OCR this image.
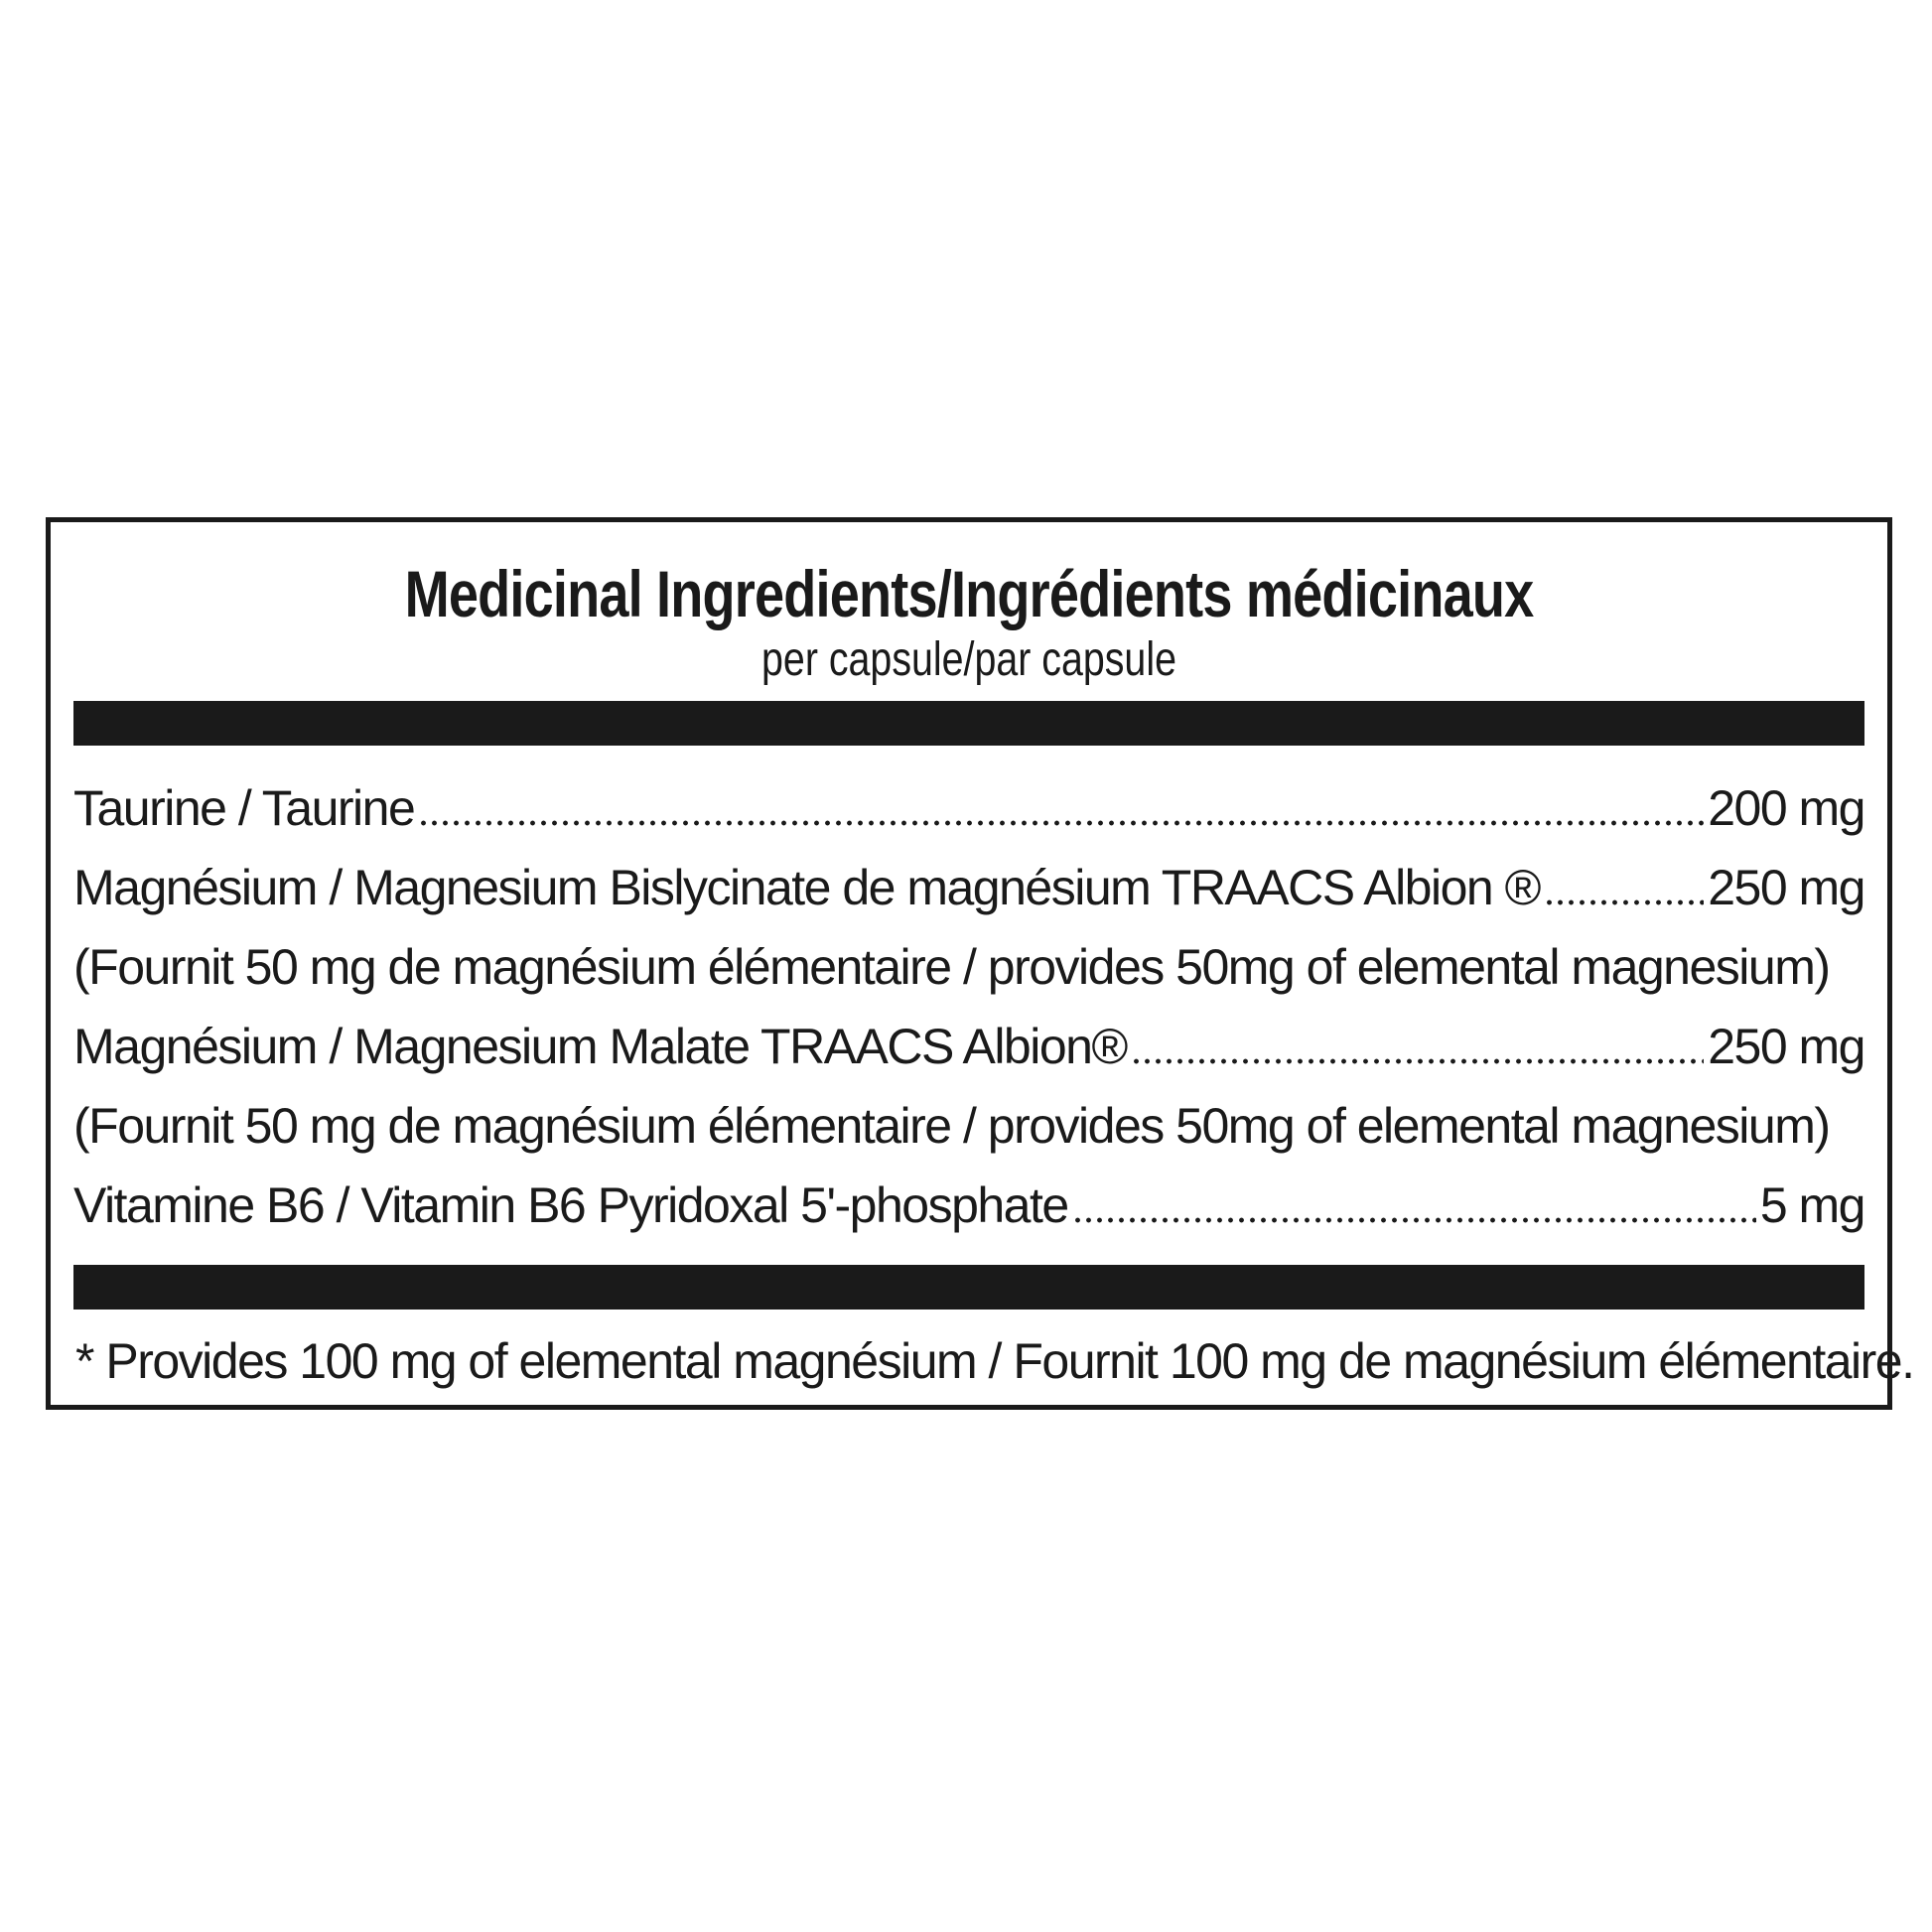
Medicinal Ingredients/Ingrédients médicinaux
per capsule/par capsule
Taurine / Taurine	200 mg
Magnésium / Magnesium Bislycinate de magnésium TRAACS Albion ®	250 mg
(Fournit 50 mg de magnésium élémentaire / provides 50mg of elemental magnesium)
Magnésium / Magnesium Malate TRAACS Albion®	250 mg
(Fournit 50 mg de magnésium élémentaire / provides 50mg of elemental magnesium)
Vitamine B6 / Vitamin B6 Pyridoxal 5'-phosphate	5 mg
* Provides 100 mg of elemental magnésium / Fournit 100 mg de magnésium élémentaire.
